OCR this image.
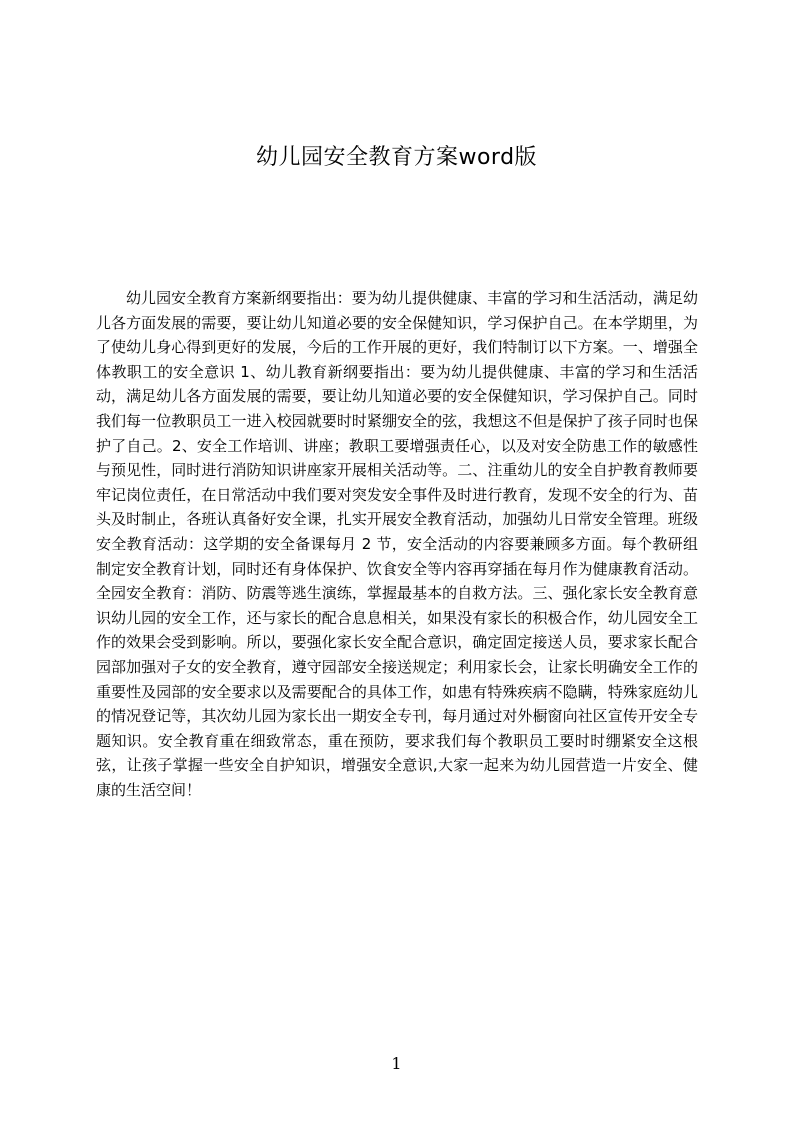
幼儿园安全教育方案word版
幼儿园安全教育方案新纲要指出：要为幼儿提供健康、丰富的学习和生活活动，满足幼儿各方面发展的需要，要让幼儿知道必要的安全保健知识，学习保护自己。在本学期里，为了使幼儿身心得到更好的发展，今后的工作开展的更好，我们特制订以下方案。一、增强全体教职工的安全意识 1、幼儿教育新纲要指出：要为幼儿提供健康、丰富的学习和生活活动，满足幼儿各方面发展的需要，要让幼儿知道必要的安全保健知识，学习保护自己。同时我们每一位教职员工一进入校园就要时时紧绷安全的弦，我想这不但是保护了孩子同时也保护了自己。2、安全工作培训、讲座；教职工要增强责任心，以及对安全防患工作的敏感性与预见性，同时进行消防知识讲座家开展相关活动等。二、注重幼儿的安全自护教育教师要牢记岗位责任，在日常活动中我们要对突发安全事件及时进行教育，发现不安全的行为、苗头及时制止，各班认真备好安全课，扎实开展安全教育活动，加强幼儿日常安全管理。班级安全教育活动：这学期的安全备课每月 2 节，安全活动的内容要兼顾多方面。每个教研组制定安全教育计划，同时还有身体保护、饮食安全等内容再穿插在每月作为健康教育活动。全园安全教育：消防、防震等逃生演练，掌握最基本的自救方法。三、强化家长安全教育意识幼儿园的安全工作，还与家长的配合息息相关，如果没有家长的积极合作，幼儿园安全工作的效果会受到影响。所以，要强化家长安全配合意识，确定固定接送人员，要求家长配合园部加强对子女的安全教育，遵守园部安全接送规定；利用家长会，让家长明确安全工作的重要性及园部的安全要求以及需要配合的具体工作，如患有特殊疾病不隐瞒，特殊家庭幼儿的情况登记等，其次幼儿园为家长出一期安全专刊，每月通过对外橱窗向社区宣传开安全专题知识。安全教育重在细致常态，重在预防，要求我们每个教职员工要时时绷紧安全这根弦，让孩子掌握一些安全自护知识，增强安全意识,大家一起来为幼儿园营造一片安全、健康的生活空间！
1
